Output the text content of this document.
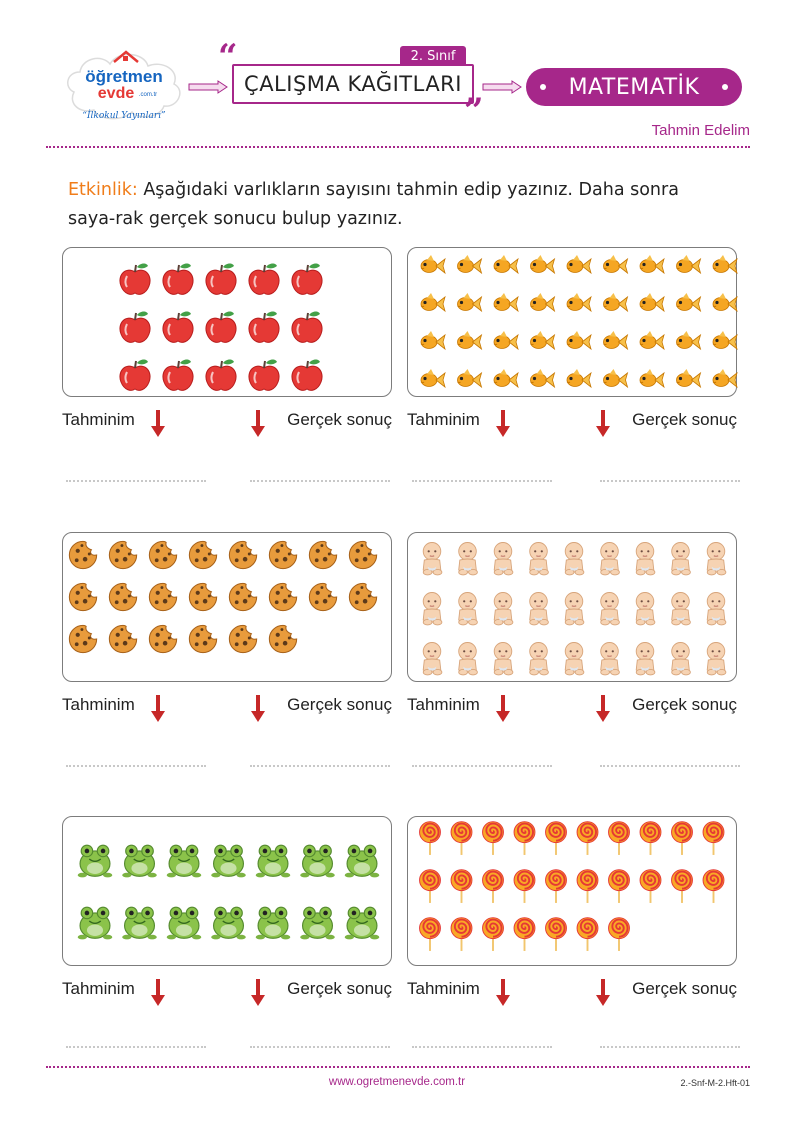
öğretmen
evde .com.tr
“İlkokul Yayınları”
2. Sınıf
ÇALIŞMA KAĞITLARI
“
”
MATEMATİK
Tahmin Edelim
Etkinlik: Aşağıdaki varlıkların sayısını tahmin edip yazınız. Daha sonra saya-rak gerçek sonucu bulup yazınız.
Tahminim	Gerçek sonuç Tahminim	Gerçek sonuç
Tahminim	Gerçek sonuç Tahminim	Gerçek sonuç
Tahminim	Gerçek sonuç Tahminim	Gerçek sonuç
www.ogretmenevde.com.tr	2.-Snf-M-2.Hft-01
